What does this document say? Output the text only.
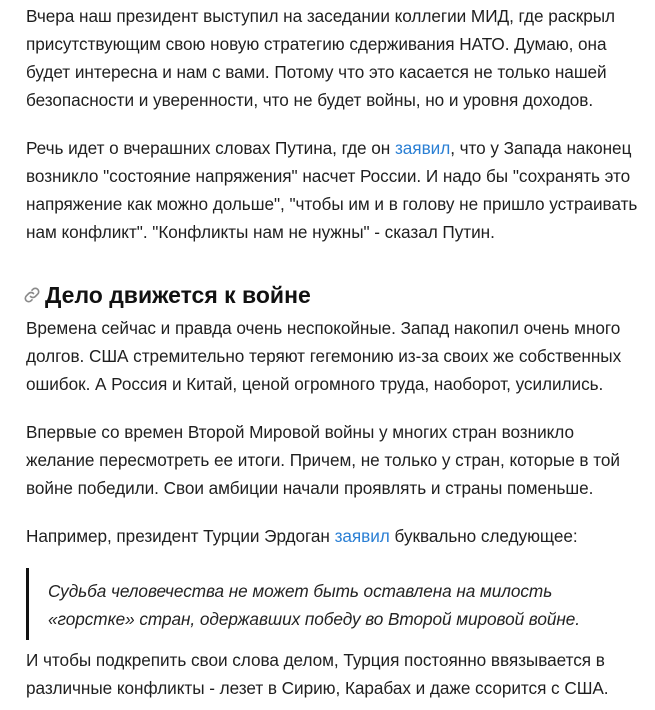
Вчера наш президент выступил на заседании коллегии МИД, где раскрыл присутствующим свою новую стратегию сдерживания НАТО. Думаю, она будет интересна и нам с вами. Потому что это касается не только нашей безопасности и уверенности, что не будет войны, но и уровня доходов.

Речь идет о вчерашних словах Путина, где он заявил, что у Запада наконец возникло "состояние напряжения" насчет России. И надо бы "сохранять это напряжение как можно дольше", "чтобы им и в голову не пришло устраивать нам конфликт". "Конфликты нам не нужны" - сказал Путин.

Дело движется к войне

Времена сейчас и правда очень неспокойные. Запад накопил очень много долгов. США стремительно теряют гегемонию из-за своих же собственных ошибок. А Россия и Китай, ценой огромного труда, наоборот, усилились.

Впервые со времен Второй Мировой войны у многих стран возникло желание пересмотреть ее итоги. Причем, не только у стран, которые в той войне победили. Свои амбиции начали проявлять и страны поменьше.

Например, президент Турции Эрдоган заявил буквально следующее:

Судьба человечества не может быть оставлена на милость «горстке» стран, одержавших победу во Второй мировой войне.

И чтобы подкрепить свои слова делом, Турция постоянно ввязывается в различные конфликты - лезет в Сирию, Карабах и даже ссорится с США.
